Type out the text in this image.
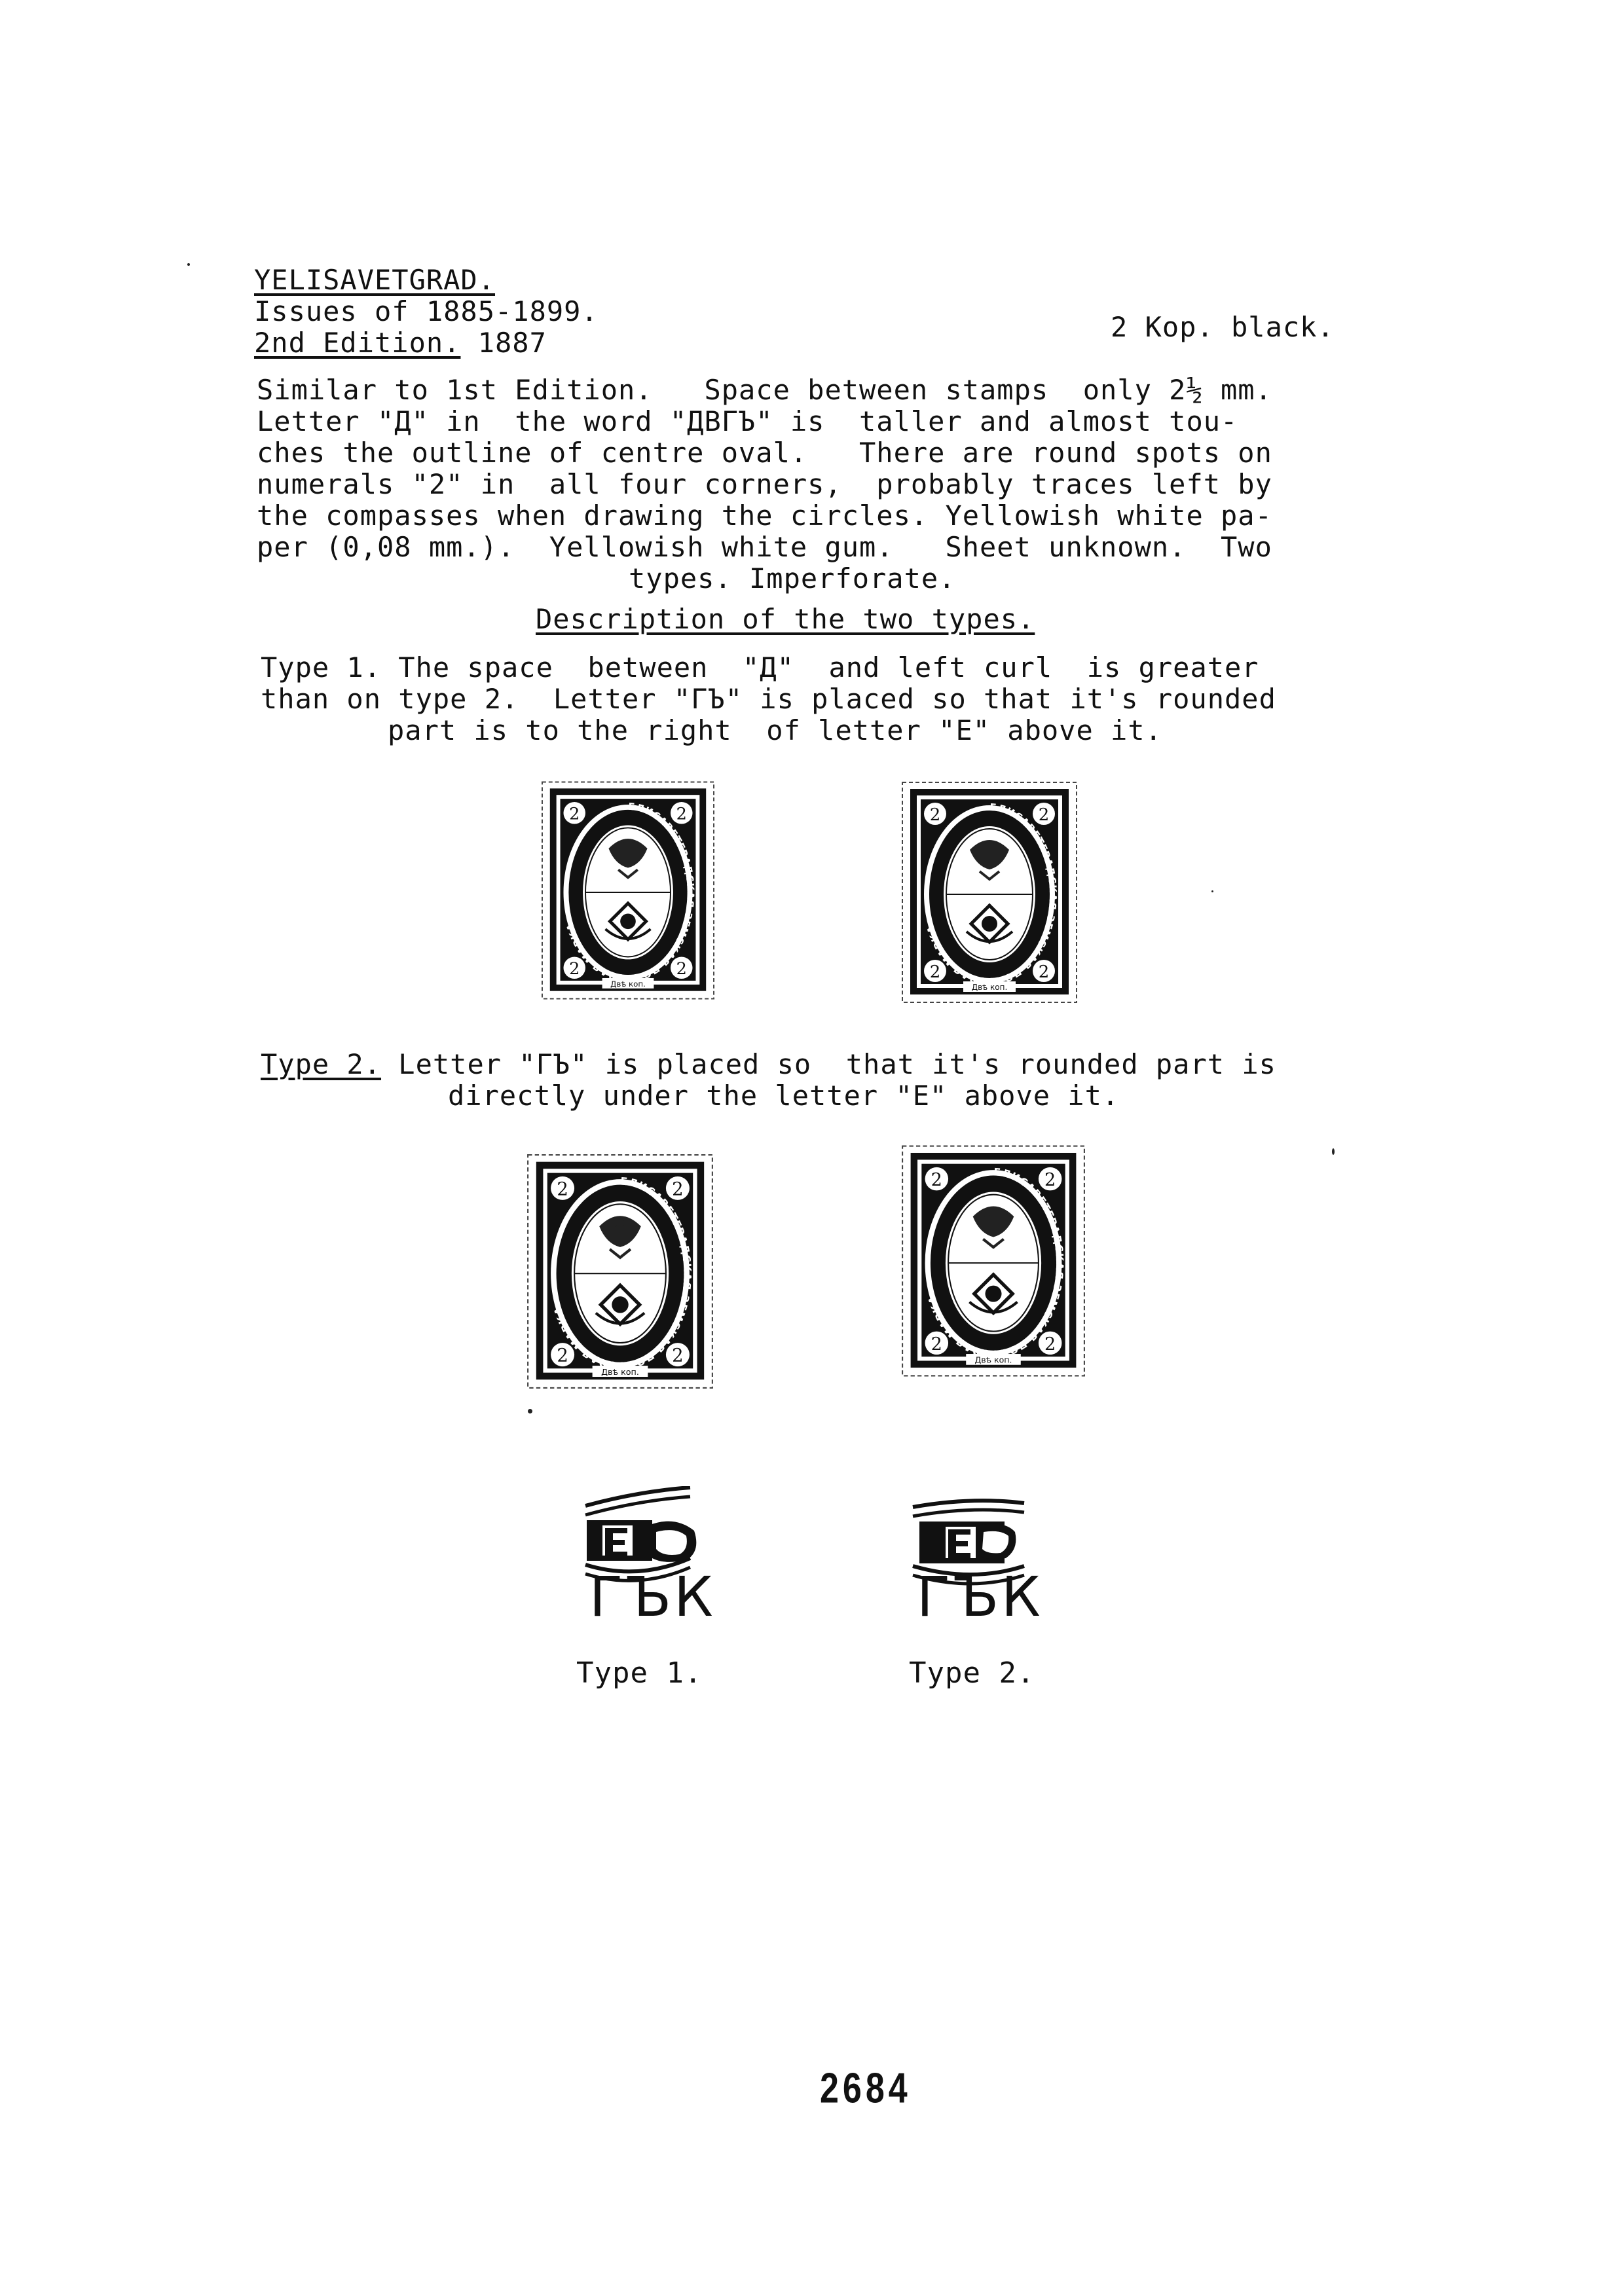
YELISAVETGRAD.
Issues of 1885-1899.
2nd Edition. 1887	2 Kop. black.
Similar to 1st Edition.   Space between stamps  only 2½ mm.
Letter "Д" in  the word "ДВГЪ" is  taller and almost tou-
ches the outline of centre oval.   There are round spots on
numerals "2" in  all four corners,  probably traces left by
the compasses when drawing the circles. Yellowish white pa-
per (0,08 mm.).  Yellowish white gum.   Sheet unknown.  Two
types. Imperforate.
Description of the two types.
Type 1. The space  between  "Д"  and left curl  is greater
than on type 2.  Letter "ГЪ" is placed so that it's rounded
part is to the right  of letter "E" above it.
Type 2. Letter "ГЪ" is placed so  that it's rounded part is
directly under the letter "E" above it.
ГЪК
Type 1.
ГЪК
Type 2.
2684
